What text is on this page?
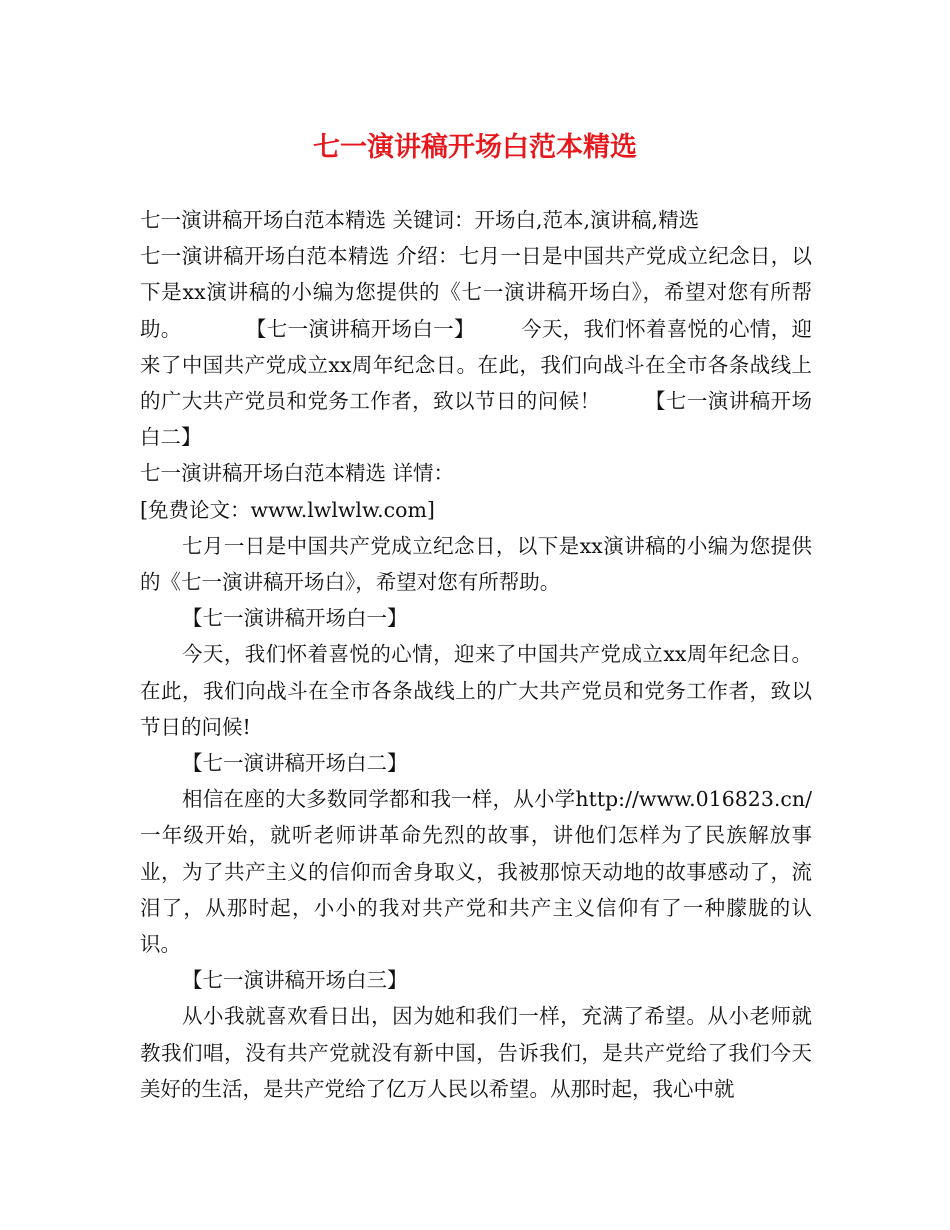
七一演讲稿开场白范本精选

七一演讲稿开场白范本精选 关键词：开场白,范本,演讲稿,精选

七一演讲稿开场白范本精选 介绍：七月一日是中国共产党成立纪念日，以下是xx演讲稿的小编为您提供的《七一演讲稿开场白》，希望对您有所帮助。	【七一演讲稿开场白一】 今天，我们怀着喜悦的心情，迎来了中国共产党成立xx周年纪念日。在此，我们向战斗在全市各条战线上的广大共产党员和党务工作者，致以节日的问候！ 【七一演讲稿开场白二】

七一演讲稿开场白范本精选 详情：

[免费论文：www.lwlwlw.com]

七月一日是中国共产党成立纪念日，以下是xx演讲稿的小编为您提供的《七一演讲稿开场白》，希望对您有所帮助。

【七一演讲稿开场白一】

今天，我们怀着喜悦的心情，迎来了中国共产党成立xx周年纪念日。在此，我们向战斗在全市各条战线上的广大共产党员和党务工作者，致以节日的问候!

【七一演讲稿开场白二】

相信在座的大多数同学都和我一样，从小学http://www.016823.cn/一年级开始，就听老师讲革命先烈的故事，讲他们怎样为了民族解放事业，为了共产主义的信仰而舍身取义，我被那惊天动地的故事感动了，流泪了，从那时起，小小的我对共产党和共产主义信仰有了一种朦胧的认识。

【七一演讲稿开场白三】

从小我就喜欢看日出，因为她和我们一样，充满了希望。从小老师就教我们唱，没有共产党就没有新中国，告诉我们，是共产党给了我们今天美好的生活，是共产党给了亿万人民以希望。从那时起，我心中就
